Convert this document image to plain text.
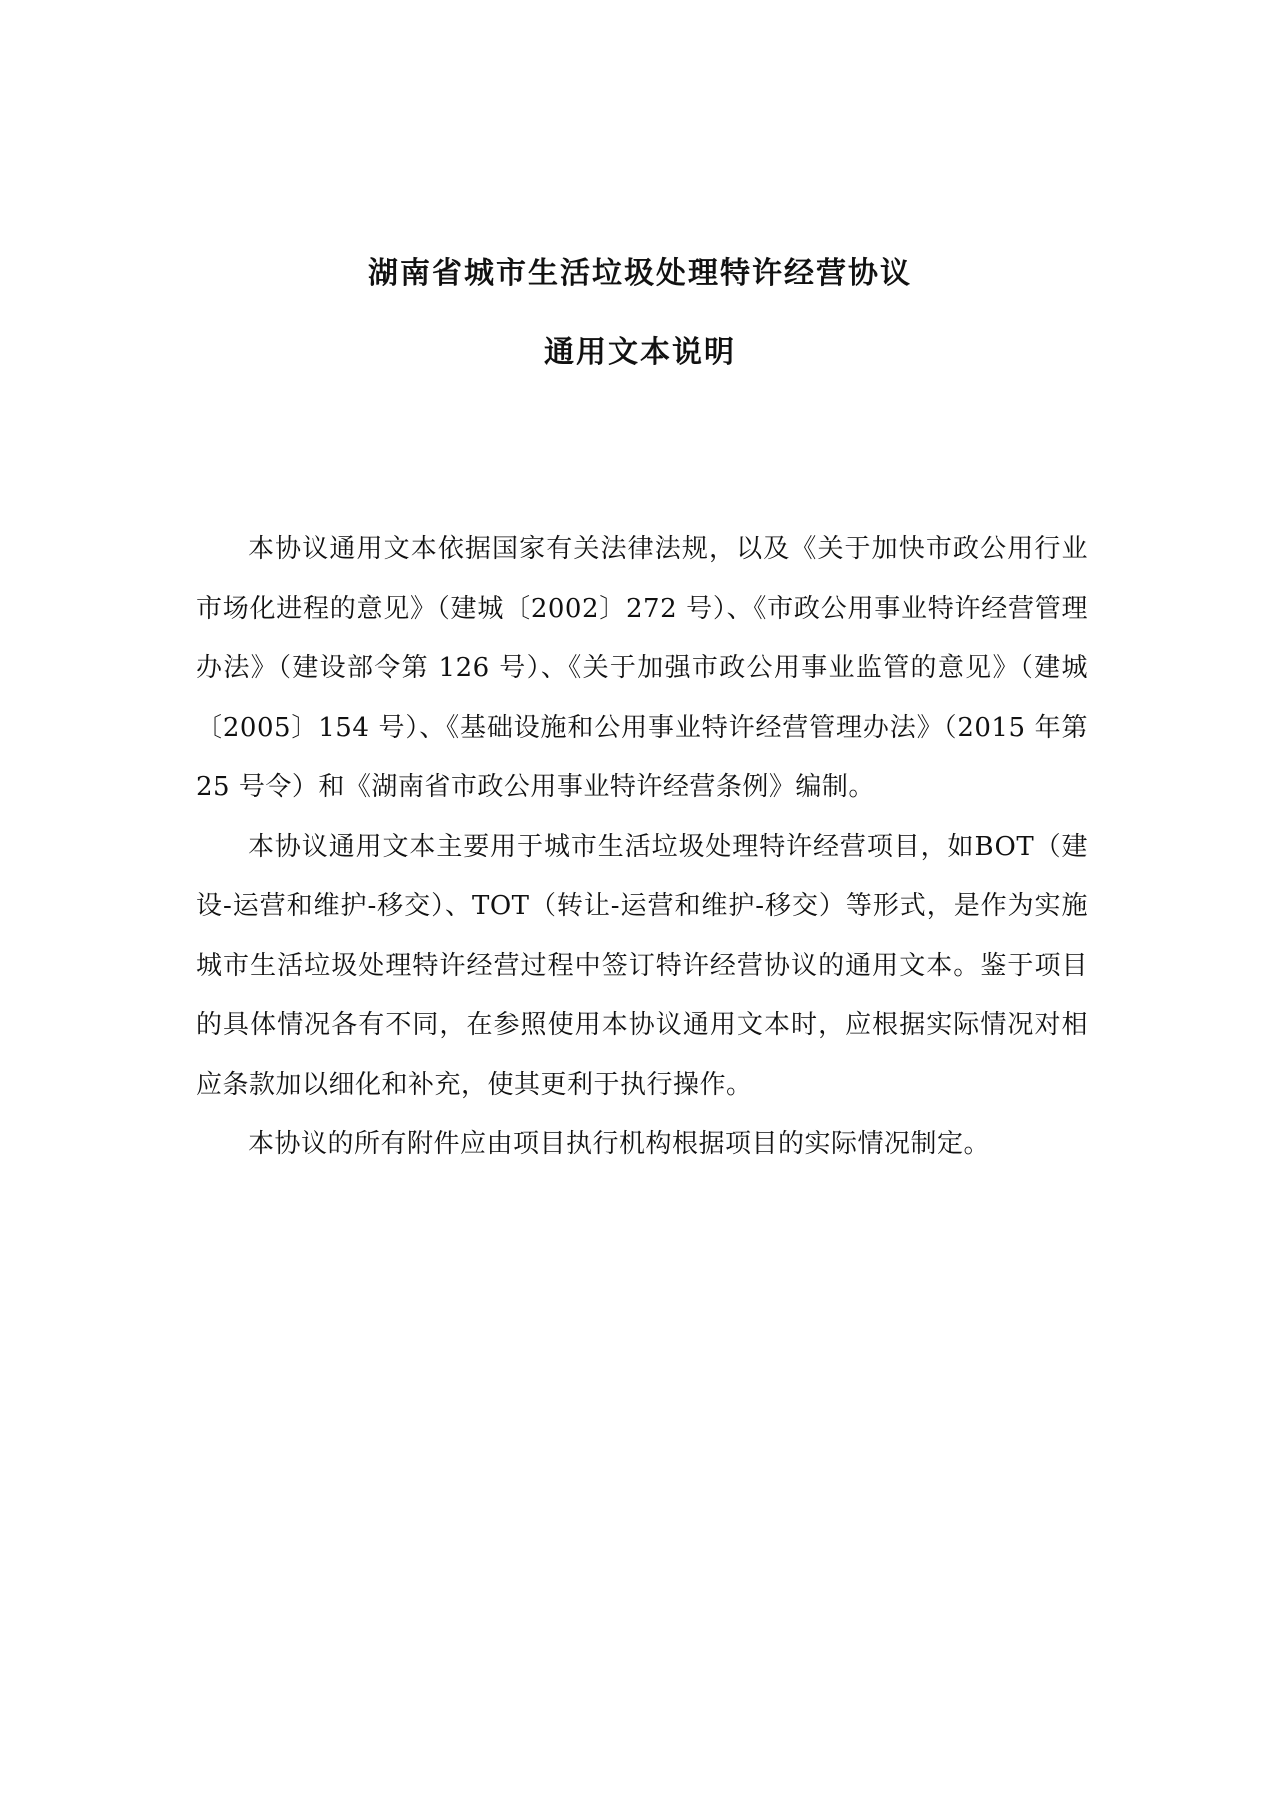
湖南省城市生活垃圾处理特许经营协议
通用文本说明

本协议通用文本依据国家有关法律法规，以及《关于加快市政公用行业市场化进程的意见》（建城〔2002〕272 号）、《市政公用事业特许经营管理办法》（建设部令第 126 号）、《关于加强市政公用事业监管的意见》（建城〔2005〕154 号）、《基础设施和公用事业特许经营管理办法》（2015 年第 25 号令）和《湖南省市政公用事业特许经营条例》编制。

本协议通用文本主要用于城市生活垃圾处理特许经营项目，如BOT（建设-运营和维护-移交）、TOT（转让-运营和维护-移交）等形式，是作为实施城市生活垃圾处理特许经营过程中签订特许经营协议的通用文本。鉴于项目的具体情况各有不同，在参照使用本协议通用文本时，应根据实际情况对相应条款加以细化和补充，使其更利于执行操作。

本协议的所有附件应由项目执行机构根据项目的实际情况制定。
